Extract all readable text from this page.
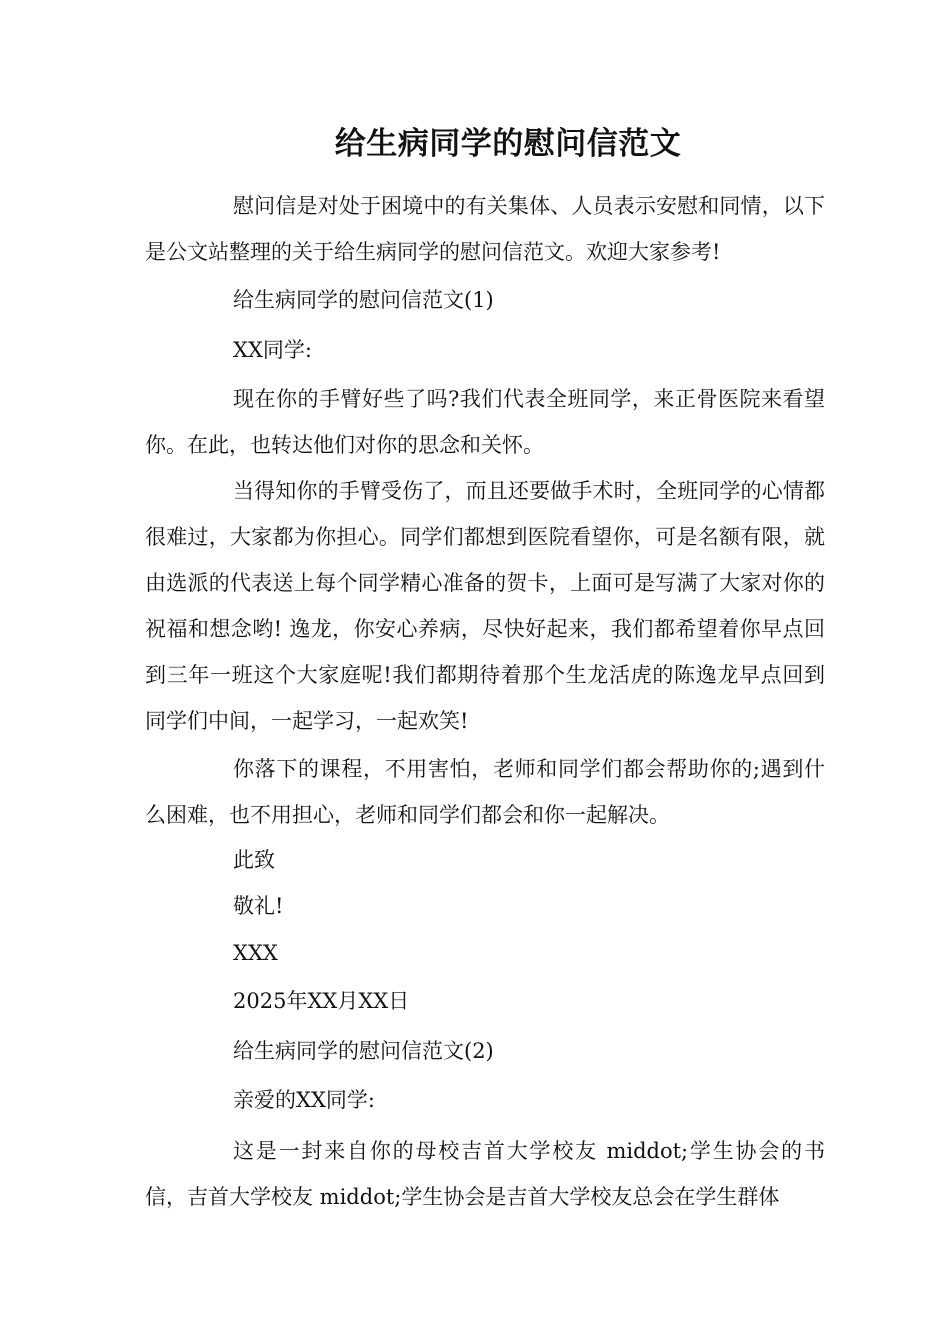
给生病同学的慰问信范文

慰问信是对处于困境中的有关集体、人员表示安慰和同情，以下是公文站整理的关于给生病同学的慰问信范文。欢迎大家参考!

给生病同学的慰问信范文(1)

XX同学:

现在你的手臂好些了吗?我们代表全班同学，来正骨医院来看望你。在此，也转达他们对你的思念和关怀。

当得知你的手臂受伤了，而且还要做手术时，全班同学的心情都很难过，大家都为你担心。同学们都想到医院看望你，可是名额有限，就由选派的代表送上每个同学精心准备的贺卡，上面可是写满了大家对你的祝福和想念哟! 逸龙，你安心养病，尽快好起来，我们都希望着你早点回到三年一班这个大家庭呢!我们都期待着那个生龙活虎的陈逸龙早点回到同学们中间，一起学习，一起欢笑!

你落下的课程，不用害怕，老师和同学们都会帮助你的;遇到什么困难，也不用担心，老师和同学们都会和你一起解决。

此致

敬礼!

XXX

2025年XX月XX日

给生病同学的慰问信范文(2)

亲爱的XX同学:

这是一封来自你的母校吉首大学校友 middot;学生协会的书信，吉首大学校友 middot;学生协会是吉首大学校友总会在学生群体
